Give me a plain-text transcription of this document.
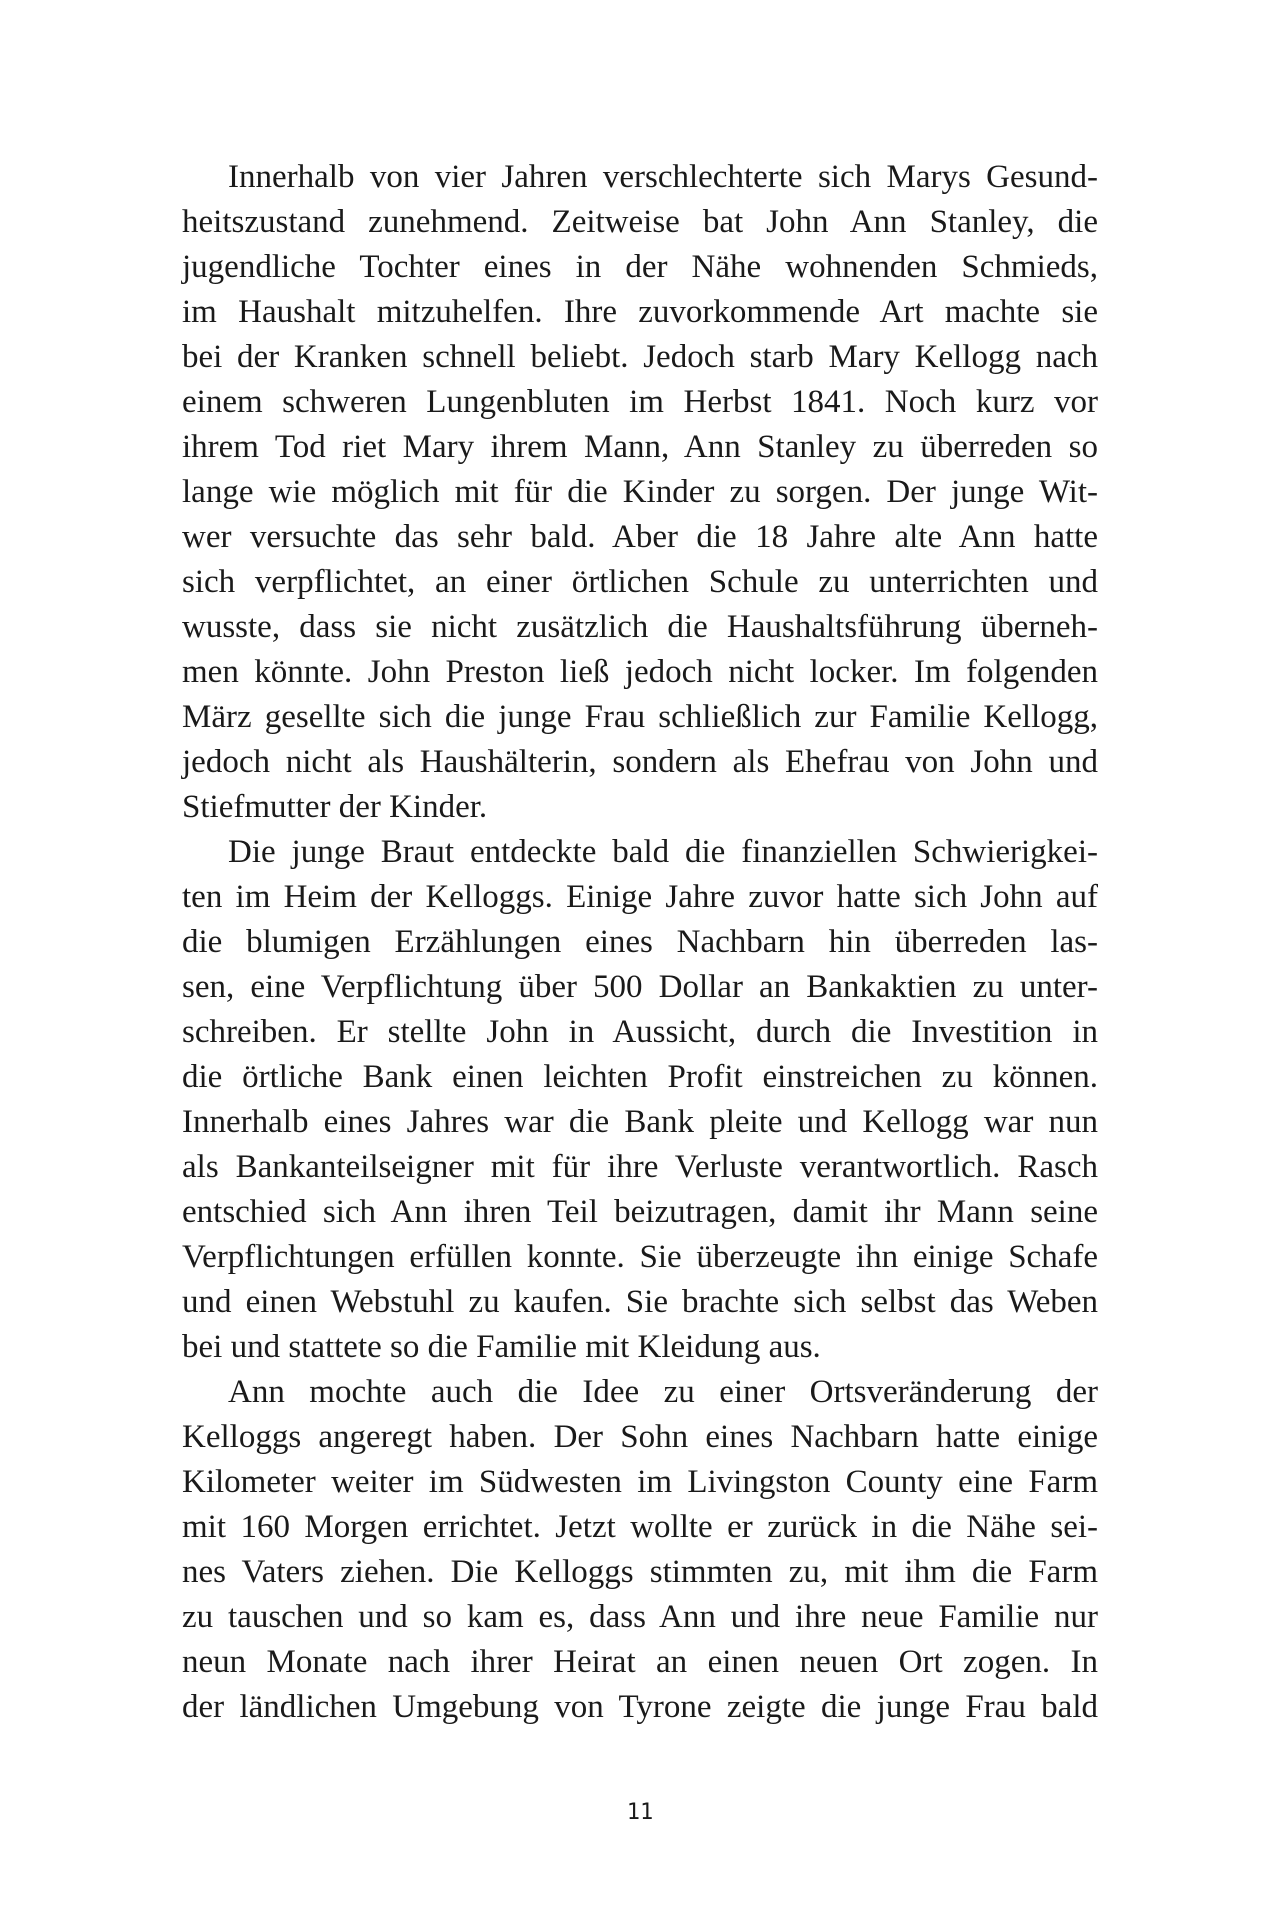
Innerhalb von vier Jahren verschlechterte sich Marys Gesund-
heitszustand zunehmend. Zeitweise bat John Ann Stanley, die
jugendliche Tochter eines in der Nähe wohnenden Schmieds,
im Haushalt mitzuhelfen. Ihre zuvorkommende Art machte sie
bei der Kranken schnell beliebt. Jedoch starb Mary Kellogg nach
einem schweren Lungenbluten im Herbst 1841. Noch kurz vor
ihrem Tod riet Mary ihrem Mann, Ann Stanley zu überreden so
lange wie möglich mit für die Kinder zu sorgen. Der junge Wit-
wer versuchte das sehr bald. Aber die 18 Jahre alte Ann hatte
sich verpflichtet, an einer örtlichen Schule zu unterrichten und
wusste, dass sie nicht zusätzlich die Haushaltsführung überneh-
men könnte. John Preston ließ jedoch nicht locker. Im folgenden
März gesellte sich die junge Frau schließlich zur Familie Kellogg,
jedoch nicht als Haushälterin, sondern als Ehefrau von John und
Stiefmutter der Kinder.
Die junge Braut entdeckte bald die finanziellen Schwierigkei-
ten im Heim der Kelloggs. Einige Jahre zuvor hatte sich John auf
die blumigen Erzählungen eines Nachbarn hin überreden las-
sen, eine Verpflichtung über 500 Dollar an Bankaktien zu unter-
schreiben. Er stellte John in Aussicht, durch die Investition in
die örtliche Bank einen leichten Profit einstreichen zu können.
Innerhalb eines Jahres war die Bank pleite und Kellogg war nun
als Bankanteilseigner mit für ihre Verluste verantwortlich. Rasch
entschied sich Ann ihren Teil beizutragen, damit ihr Mann seine
Verpflichtungen erfüllen konnte. Sie überzeugte ihn einige Schafe
und einen Webstuhl zu kaufen. Sie brachte sich selbst das Weben
bei und stattete so die Familie mit Kleidung aus.
Ann mochte auch die Idee zu einer Ortsveränderung der
Kelloggs angeregt haben. Der Sohn eines Nachbarn hatte einige
Kilometer weiter im Südwesten im Livingston County eine Farm
mit 160 Morgen errichtet. Jetzt wollte er zurück in die Nähe sei-
nes Vaters ziehen. Die Kelloggs stimmten zu, mit ihm die Farm
zu tauschen und so kam es, dass Ann und ihre neue Familie nur
neun Monate nach ihrer Heirat an einen neuen Ort zogen. In
der ländlichen Umgebung von Tyrone zeigte die junge Frau bald
11
